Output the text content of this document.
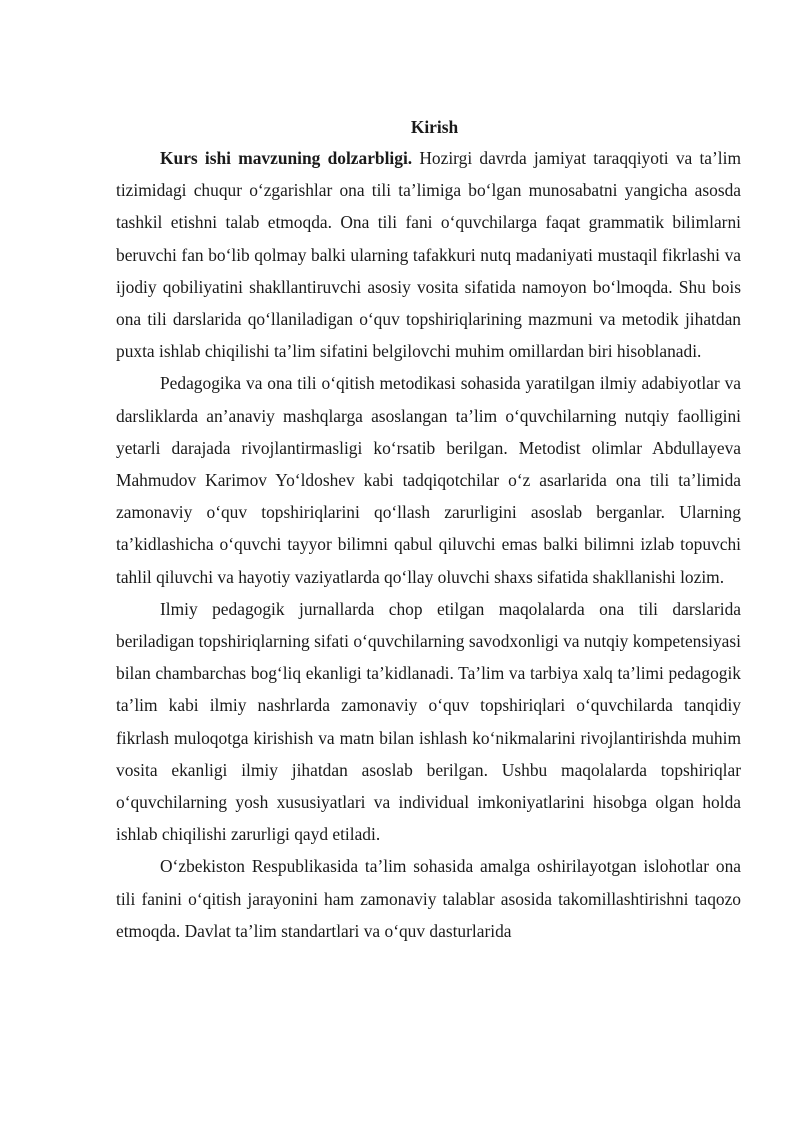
Kirish

Kurs ishi mavzuning dolzarbligi. Hozirgi davrda jamiyat taraqqiyoti va ta’lim tizimidagi chuqur o‘zgarishlar ona tili ta’limiga bo‘lgan munosabatni yangicha asosda tashkil etishni talab etmoqda. Ona tili fani o‘quvchilarga faqat grammatik bilimlarni beruvchi fan bo‘lib qolmay balki ularning tafakkuri nutq madaniyati mustaqil fikrlashi va ijodiy qobiliyatini shakllantiruvchi asosiy vosita sifatida namoyon bo‘lmoqda. Shu bois ona tili darslarida qo‘llaniladigan o‘quv topshiriqlarining mazmuni va metodik jihatdan puxta ishlab chiqilishi ta’lim sifatini belgilovchi muhim omillardan biri hisoblanadi.

Pedagogika va ona tili o‘qitish metodikasi sohasida yaratilgan ilmiy adabiyotlar va darsliklarda an’anaviy mashqlarga asoslangan ta’lim o‘quvchilarning nutqiy faolligini yetarli darajada rivojlantirmasligi ko‘rsatib berilgan. Metodist olimlar Abdullayeva Mahmudov Karimov Yo‘ldoshev kabi tadqiqotchilar o‘z asarlarida ona tili ta’limida zamonaviy o‘quv topshiriqlarini qo‘llash zarurligini asoslab berganlar. Ularning ta’kidlashicha o‘quvchi tayyor bilimni qabul qiluvchi emas balki bilimni izlab topuvchi tahlil qiluvchi va hayotiy vaziyatlarda qo‘llay oluvchi shaxs sifatida shakllanishi lozim.

Ilmiy pedagogik jurnallarda chop etilgan maqolalarda ona tili darslarida beriladigan topshiriqlarning sifati o‘quvchilarning savodxonligi va nutqiy kompetensiyasi bilan chambarchas bog‘liq ekanligi ta’kidlanadi. Ta’lim va tarbiya xalq ta’limi pedagogik ta’lim kabi ilmiy nashrlarda zamonaviy o‘quv topshiriqlari o‘quvchilarda tanqidiy fikrlash muloqotga kirishish va matn bilan ishlash ko‘nikmalarini rivojlantirishda muhim vosita ekanligi ilmiy jihatdan asoslab berilgan. Ushbu maqolalarda topshiriqlar o‘quvchilarning yosh xususiyatlari va individual imkoniyatlarini hisobga olgan holda ishlab chiqilishi zarurligi qayd etiladi.

O‘zbekiston Respublikasida ta’lim sohasida amalga oshirilayotgan islohotlar ona tili fanini o‘qitish jarayonini ham zamonaviy talablar asosida takomillashtirishni taqozo etmoqda. Davlat ta’lim standartlari va o‘quv dasturlarida
